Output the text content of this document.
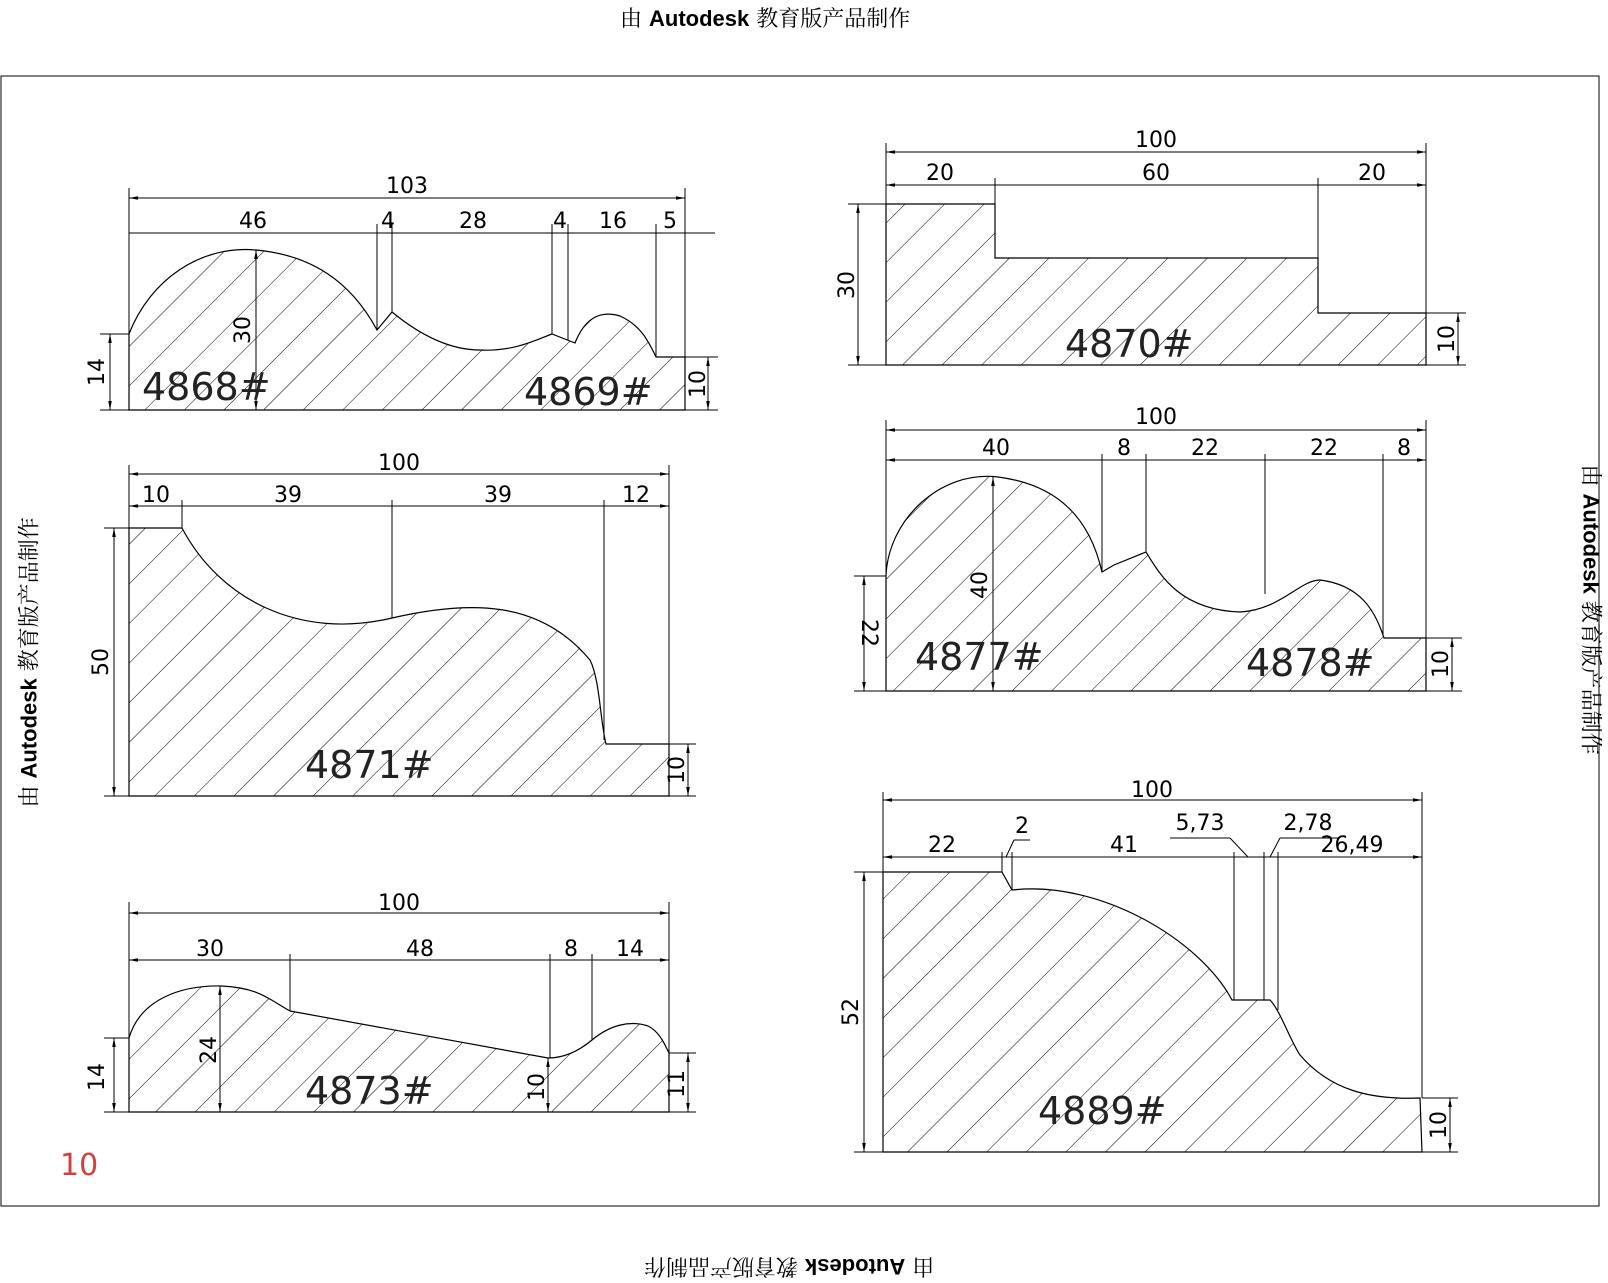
由 Autodesk 教育版产品制作
由 Autodesk 教育版产品制作
由 Autodesk 教育版产品制作
由 Autodesk 教育版产品制作
103
46	4	28	4 16 5
14
30
10
4868#	4869#
100
20	60	20
30
10
4870#
100
10	39	39	12
50
10
4871#
100
40	8	22	22	8
22
40
10
4877#	4878#
100
30	48	8 14
14
24
10	11
4873#
100
22
2
41
5,73	2,78
26,49
52
10
4889#
10
